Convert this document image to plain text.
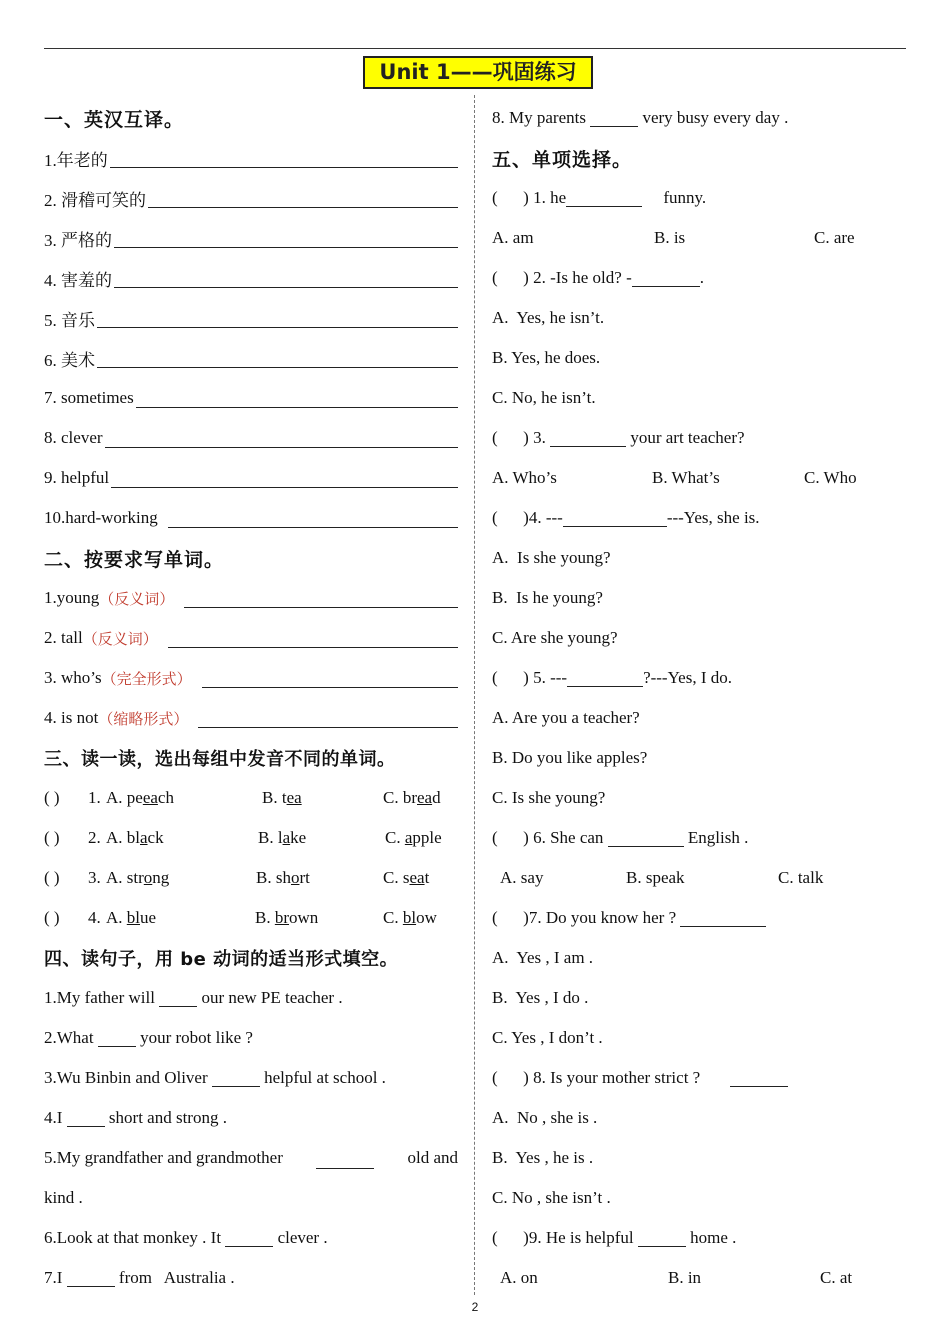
Unit 1——巩固练习
一、英汉互译。
1.年老的
2. 滑稽可笑的
3. 严格的
4. 害羞的
5. 音乐
6. 美术
7. sometimes
8. clever
9. helpful
10.hard-working
二、按要求写单词。
1.young （反义词）
2. tall （反义词）
3. who’s （完全形式）
4. is not （缩略形式）
三、读一读，选出每组中发音不同的单词。
( ) 1. A. peeach	B. tea	C. bread
( ) 2. A. black	B. lake	C. apple
( ) 3. A. strong	B. short	C. seat
( ) 4. A. blue	B. brown	C. blow
四、读句子，用 be 动词的适当形式填空。
1.My father will

	our new PE teacher .
2.What

	your robot like ?
3.Wu Binbin and Oliver

	helpful at school .
4.I

	short and strong .
5.My grandfather and grandmother	old and
kind .
6.Look at that monkey . It

	clever .
7.I

	from   Australia .
8. My parents

	very busy every day .
五、单项选择。
(      )
1. he
	funny.
A. am	B. is	C. are
(      )
2. -Is he old? -	.
A.  Yes, he isn’t.
B. Yes, he does.
C. No, he isn’t.
(      )
3.

	your art teacher?
A. Who’s	B. What’s	C. Who
(      ) 4. ---	---Yes, she is.
A.  Is she young?
B.  Is he young?
C. Are she young?
(      )
5. ---	?---Yes, I do.
A. Are you a teacher?
B. Do you like apples?
C. Is she young?
(      )
6. She can

	English .
A. say	B. speak	C. talk
(      ) 7. Do you know her ?

A.  Yes , I am .
B.  Yes , I do .
C. Yes , I don’t .
(      )
8. Is your mother strict ?

A.  No , she is .
B.  Yes , he is .
C. No , she isn’t .
(      ) 9. He is helpful

	home .
A. on	B. in	C. at
2
